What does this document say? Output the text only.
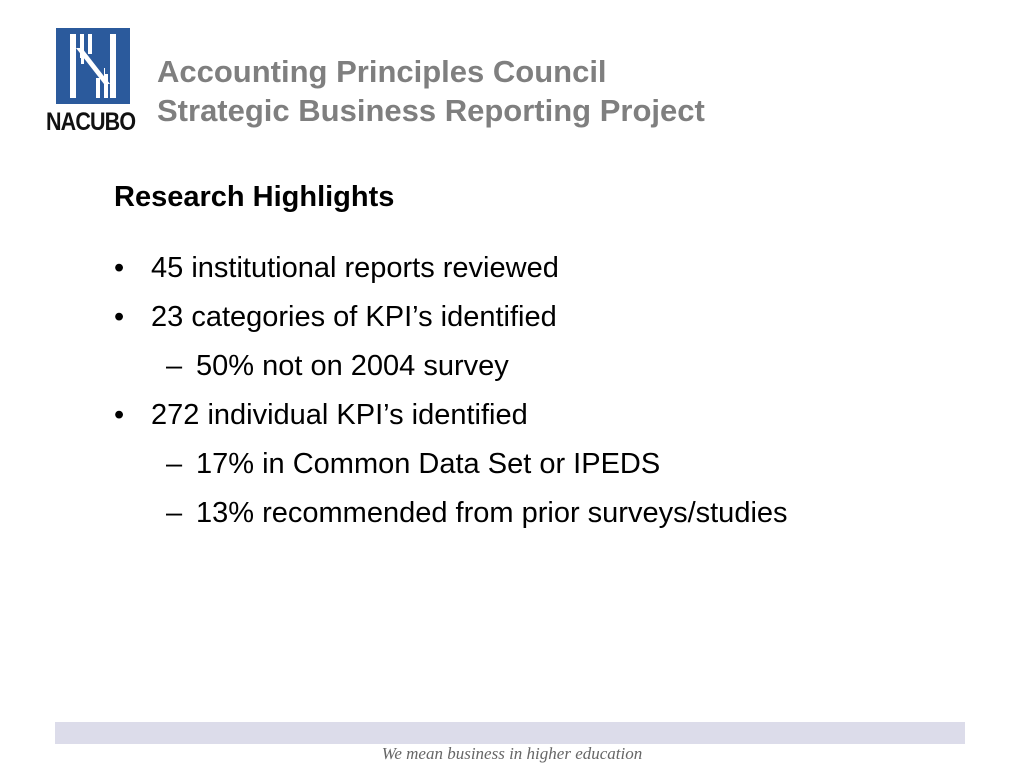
NACUBO
Accounting Principles Council
Strategic Business Reporting Project
Research Highlights
• 45 institutional reports reviewed
• 23 categories of KPI’s identified
– 50% not on 2004 survey
• 272 individual KPI’s identified
– 17% in Common Data Set or IPEDS
– 13% recommended from prior surveys/studies
We mean business in higher education
